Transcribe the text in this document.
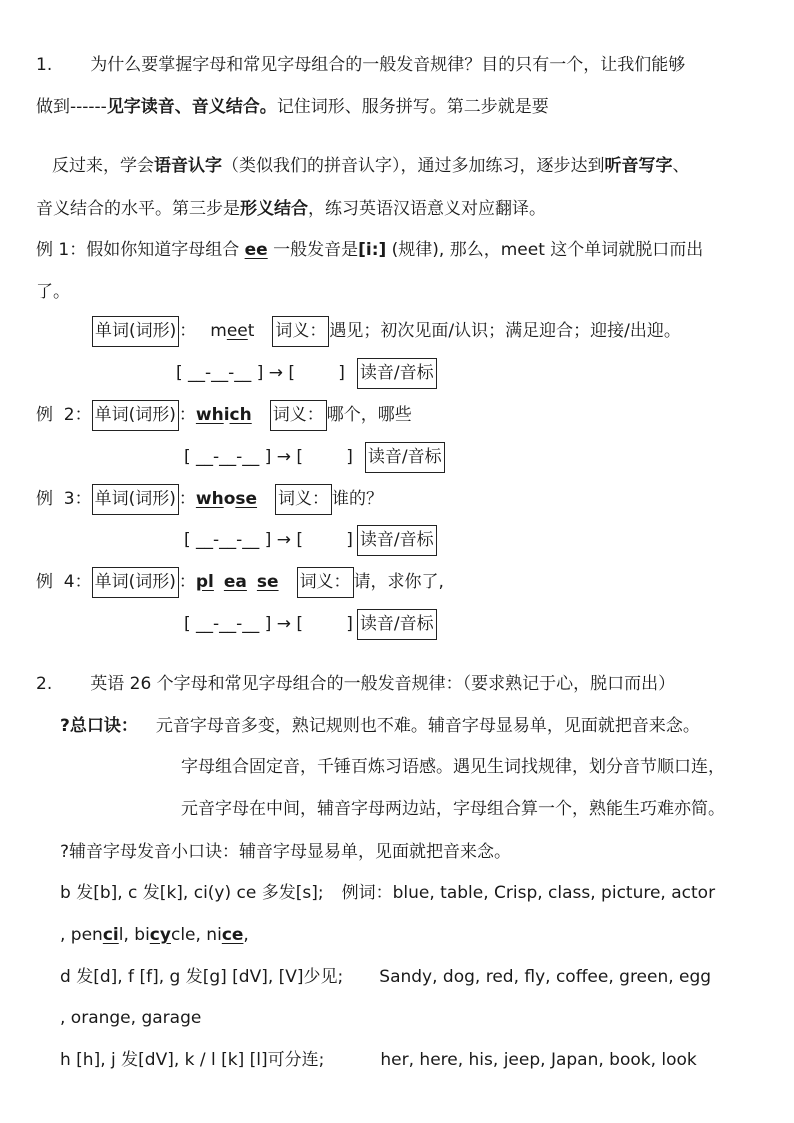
1. 为什么要掌握字母和常见字母组合的一般发音规律？目的只有一个，让我们能够
做到------见字读音、音义结合。记住词形、服务拼写。第二步就是要
反过来，学会语音认字（类似我们的拼音认字），通过多加练习，逐步达到听音写字、
音义结合的水平。第三步是形义结合，练习英语汉语意义对应翻译。
例 1：假如你知道字母组合 ee 一般发音是[i:] (规律), 那么，meet 这个单词就脱口而出
了。
单词(词形) ： meet 词义： 遇见；初次见面/认识；满足迎合；迎接/出迎。
[ __-__-__ ] → [        ] 读音/音标
例  2： 单词(词形) ：which 词义： 哪个，哪些
[ __-__-__ ] → [        ] 读音/音标
例  3： 单词(词形) ：whose 词义： 谁的？
[ __-__-__ ] → [        ] 读音/音标
例  4： 单词(词形) ：pl ea se 词义： 请，求你了,
[ __-__-__ ] → [        ] 读音/音标
2. 英语 26 个字母和常见字母组合的一般发音规律：（要求熟记于心，脱口而出）
?总口诀： 元音字母音多变，熟记规则也不难。辅音字母显易单，见面就把音来念。
字母组合固定音，千锤百炼习语感。遇见生词找规律，划分音节顺口连，
元音字母在中间，辅音字母两边站，字母组合算一个，熟能生巧难亦简。
?辅音字母发音小口诀：辅音字母显易单，见面就把音来念。
b 发[b], c 发[k], ci(y) ce 多发[s]; 例词：blue, table, Crisp, class, picture, actor
, pencil, bicycle, nice,
d 发[d], f [f], g 发[g] [dV], [V]少见; Sandy, dog, red, fly, coffee, green, egg
, orange, garage
h [h], j 发[dV], k / l [k] [l]可分连;	her, here, his, jeep, Japan, book, look
